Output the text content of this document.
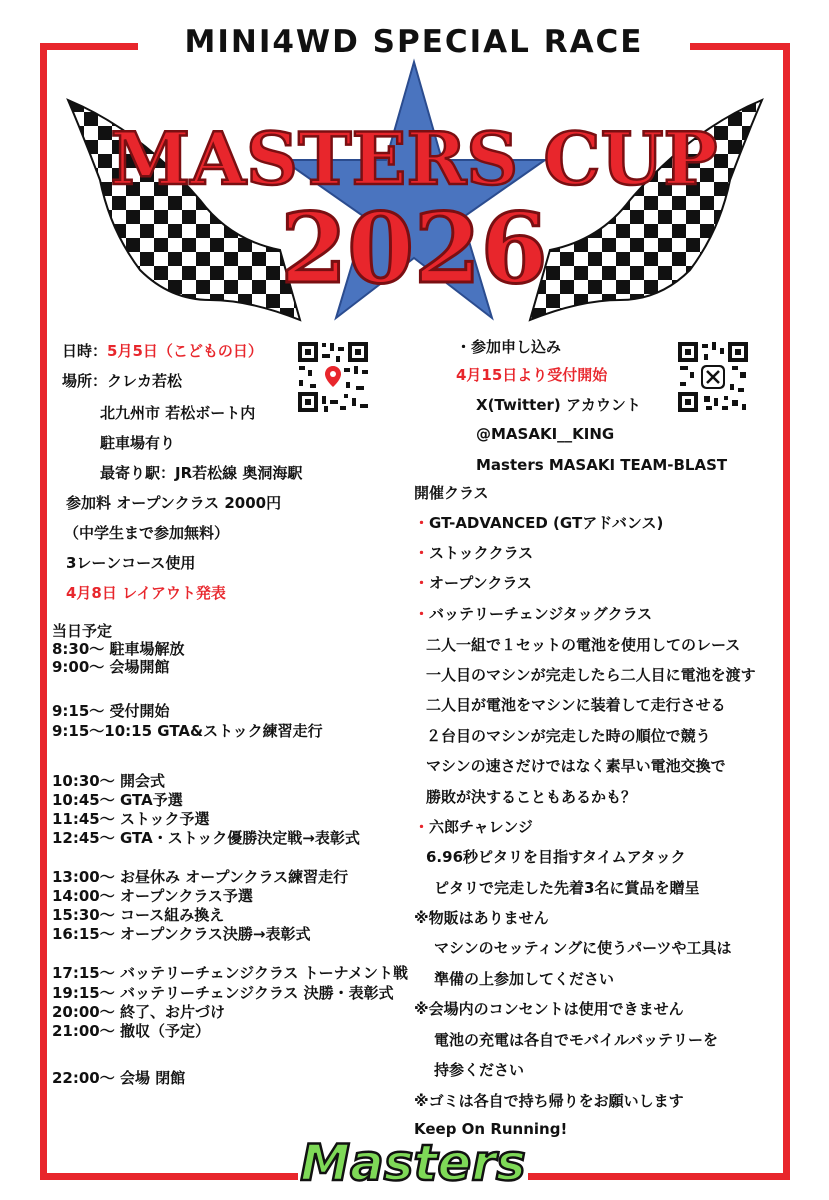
MINI4WD SPECIAL RACE
MASTERS CUP
2026
日時：5月5日（こどもの日）
場所：クレカ若松
北九州市 若松ボート内
駐車場有り
最寄り駅：JR若松線 奥洞海駅
参加料 オープンクラス 2000円
（中学生まで参加無料）
3レーンコース使用
4月8日 レイアウト発表
当日予定
8:30～ 駐車場解放
9:00～ 会場開館
9:15～ 受付開始
9:15～10:15 GTA&ストック練習走行
10:30～ 開会式
10:45～ GTA予選
11:45～ ストック予選
12:45～ GTA・ストック優勝決定戦→表彰式
13:00～ お昼休み オープンクラス練習走行
14:00～ オープンクラス予選
15:30～ コース組み換え
16:15～ オープンクラス決勝→表彰式
17:15～ バッテリーチェンジクラス トーナメント戦
19:15～ バッテリーチェンジクラス 決勝・表彰式
20:00～ 終了、お片づけ
21:00～ 撤収（予定）
22:00～ 会場 閉館
・参加申し込み
4月15日より受付開始
X(Twitter) アカウント
@MASAKI__KING
Masters MASAKI TEAM-BLAST
開催クラス
・GT-ADVANCED (GTアドバンス)
・ストッククラス
・オープンクラス
・バッテリーチェンジタッグクラス
二人一組で１セットの電池を使用してのレース
一人目のマシンが完走したら二人目に電池を渡す
二人目が電池をマシンに装着して走行させる
２台目のマシンが完走した時の順位で競う
マシンの速さだけではなく素早い電池交換で
勝敗が決することもあるかも？
・六郎チャレンジ
6.96秒ピタリを目指すタイムアタック
ピタリで完走した先着3名に賞品を贈呈
※物販はありません
マシンのセッティングに使うパーツや工具は
準備の上参加してください
※会場内のコンセントは使用できません
電池の充電は各自でモバイルバッテリーを
持参ください
※ゴミは各自で持ち帰りをお願いします
Keep On Running!
Masters
